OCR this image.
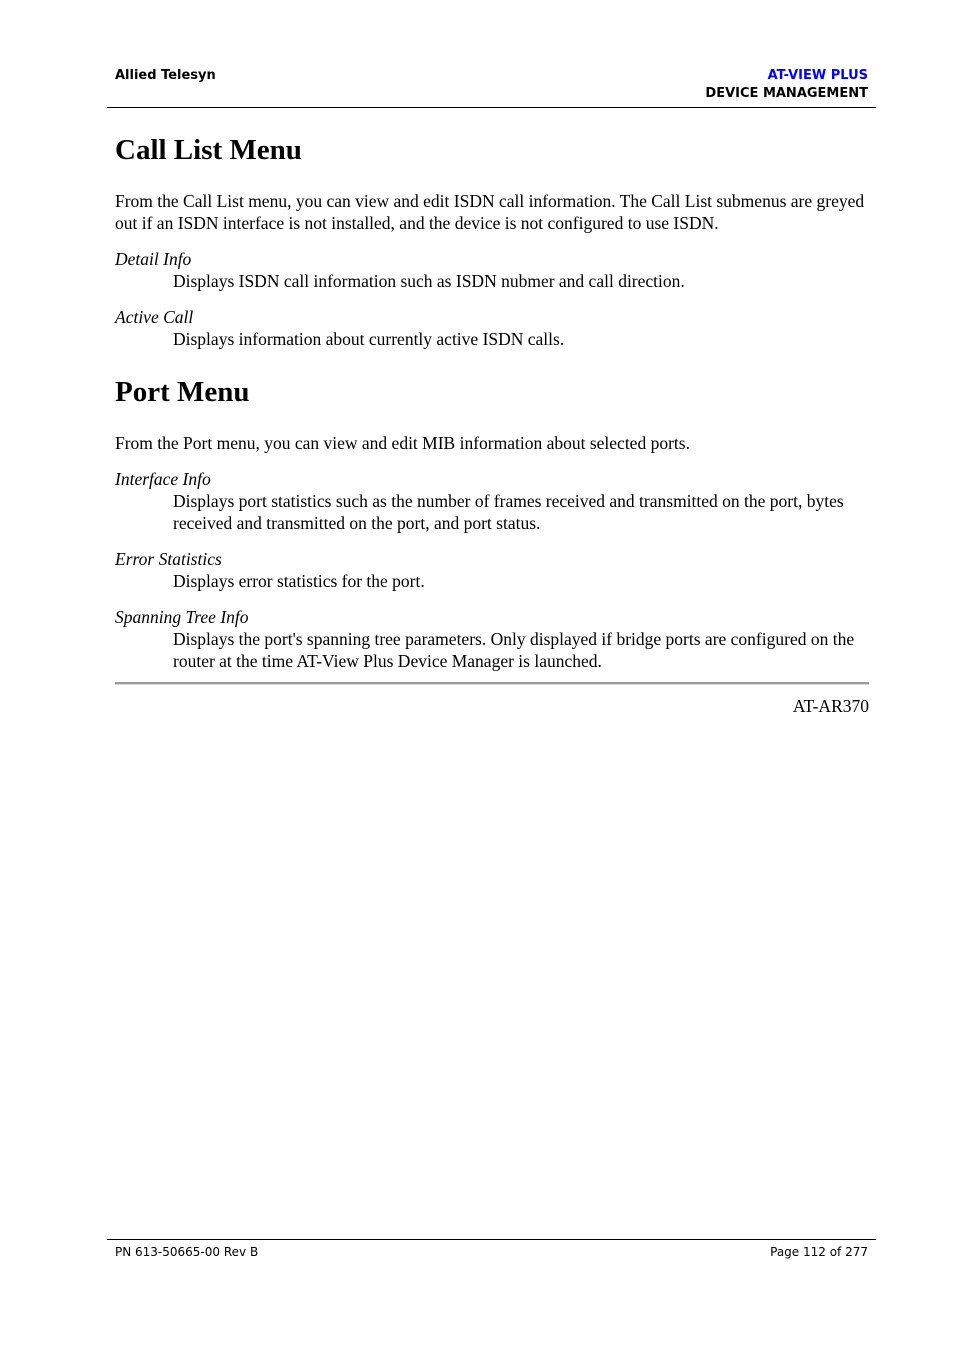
Allied Telesyn	AT-VIEW PLUS
DEVICE MANAGEMENT
Call List Menu

From the Call List menu, you can view and edit ISDN call information. The Call List submenus are greyed out if an ISDN interface is not installed, and the device is not configured to use ISDN.

Detail Info

Displays ISDN call information such as ISDN nubmer and call direction.

Active Call

Displays information about currently active ISDN calls.

Port Menu

From the Port menu, you can view and edit MIB information about selected ports.

Interface Info

Displays port statistics such as the number of frames received and transmitted on the port, bytes received and transmitted on the port, and port status.

Error Statistics

Displays error statistics for the port.

Spanning Tree Info

Displays the port's spanning tree parameters. Only displayed if bridge ports are configured on the router at the time AT-View Plus Device Manager is launched.

AT-AR370
PN 613-50665-00 Rev B	Page 112 of 277
